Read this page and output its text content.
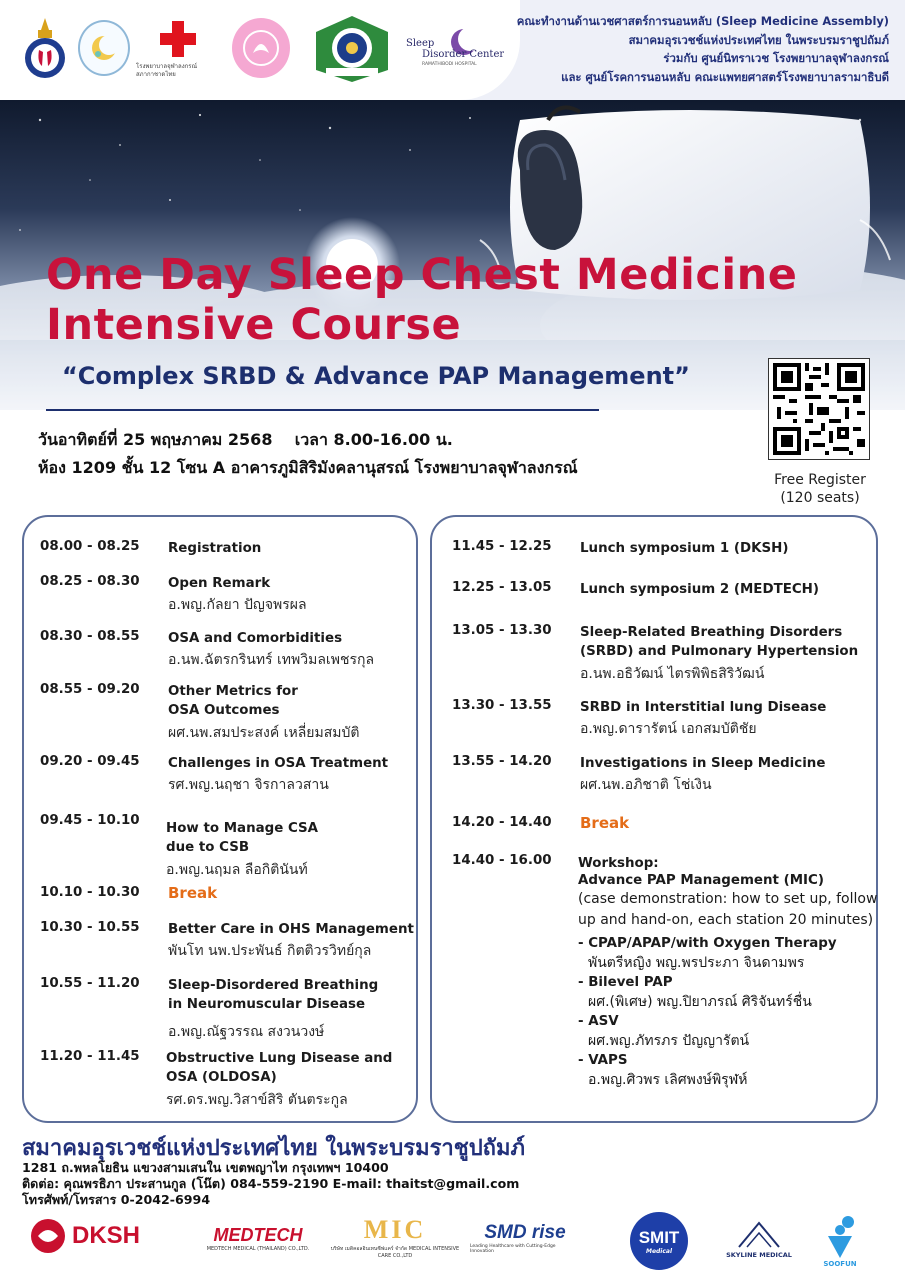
โรงพยาบาลจุฬาลงกรณ์ สภากาชาดไทย
Sleep
Disorder Center
RAMATHIBODI HOSPITAL
คณะทำงานด้านเวชศาสตร์การนอนหลับ (Sleep Medicine Assembly)
สมาคมอุรเวชช์แห่งประเทศไทย ในพระบรมราชูปถัมภ์
ร่วมกับ ศูนย์นิทราเวช โรงพยาบาลจุฬาลงกรณ์
และ ศูนย์โรคการนอนหลับ คณะแพทยศาสตร์โรงพยาบาลรามาธิบดี
One Day Sleep Chest Medicine
Intensive Course
“Complex SRBD & Advance PAP Management”
วันอาทิตย์ที่ 25 พฤษภาคม 2568    เวลา 8.00-16.00 น.
ห้อง 1209 ชั้น 12 โซน A อาคารภูมิสิริมังคลานุสรณ์ โรงพยาบาลจุฬาลงกรณ์
Free Register
(120 seats)
08.00 - 08.25 Registration
08.25 - 08.30 Open Remark
อ.พญ.กัลยา ปัญจพรผล
08.30 - 08.55 OSA and Comorbidities
อ.นพ.ฉัตรกรินทร์ เทพวิมลเพชรกุล
08.55 - 09.20 Other Metrics for
OSA Outcomes
ผศ.นพ.สมประสงค์ เหลี่ยมสมบัติ
09.20 - 09.45 Challenges in OSA Treatment
รศ.พญ.นฤชา จิรกาลวสาน
09.45 - 10.10
How to Manage CSA
due to CSB
อ.พญ.นฤมล ลือกิตินันท์
10.10 - 10.30 Break
10.30 - 10.55 Better Care in OHS Management
พันโท นพ.ประพันธ์ กิตติวรวิทย์กุล
10.55 - 11.20 Sleep-Disordered Breathing
in Neuromuscular Disease
อ.พญ.ณัฐวรรณ สงวนวงษ์
11.20 - 11.45 Obstructive Lung Disease and
OSA (OLDOSA)
รศ.ดร.พญ.วิสาข์สิริ ตันตระกูล
11.45 - 12.25 Lunch symposium 1 (DKSH)
12.25 - 13.05 Lunch symposium 2 (MEDTECH)
13.05 - 13.30 Sleep-Related Breathing Disorders
(SRBD) and Pulmonary Hypertension
อ.นพ.อธิวัฒน์ ไตรพิพิธสิริวัฒน์
13.30 - 13.55 SRBD in Interstitial lung Disease
อ.พญ.ดารารัตน์ เอกสมบัติชัย
13.55 - 14.20 Investigations in Sleep Medicine
ผศ.นพ.อภิชาติ โช่เงิน
14.20 - 14.40 Break
14.40 - 16.00 Workshop:
Advance PAP Management (MIC)
(case demonstration: how to set up, follow
up and hand-on, each station 20 minutes)
- CPAP/APAP/with Oxygen Therapy
พันตรีหญิง พญ.พรประภา จินดามพร
- Bilevel PAP
ผศ.(พิเศษ) พญ.ปิยาภรณ์ ศิริจันทร์ชื่น
- ASV
ผศ.พญ.ภัทรภร ปัญญารัตน์
- VAPS
อ.พญ.ศิวพร เลิศพงษ์พิรุฬห์
สมาคมอุรเวชช์แห่งประเทศไทย ในพระบรมราชูปถัมภ์
1281 ถ.พหลโยธิน แขวงสามเสนใน เขตพญาไท กรุงเทพฯ 10400
ติดต่อ: คุณพรธิภา ประสานกูล (โน๊ต) 084-559-2190 E-mail: thaitst@gmail.com
โทรศัพท์/โทรสาร 0-2042-6994
DKSH	MEDTECH
MEDTECH MEDICAL (THAILAND) CO.,LTD.
MIC
บริษัท เมดิคอลอินเทนซีฟแคร์ จำกัด MEDICAL INTENSIVE CARE CO.,LTD
SMD rise
Leading Healthcare with Cutting-Edge Innovation
SMIT
Medical	SKYLINE MEDICAL
SOOFUN
